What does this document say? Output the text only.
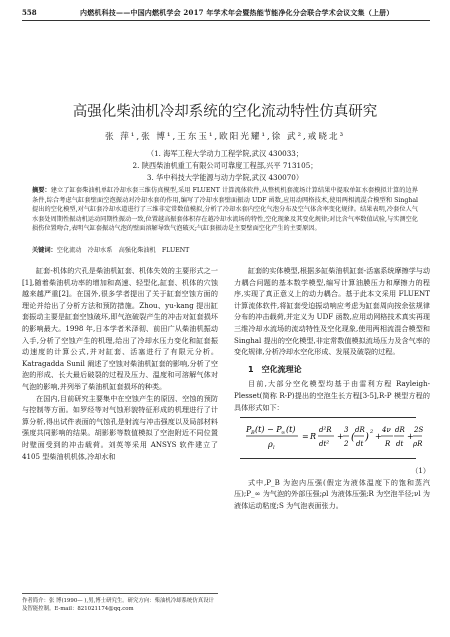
558	内燃机科技——中国内燃机学会 2017 年学术年会暨热能节能净化分会联合学术会议文集（上册）
高强化柴油机冷却系统的空化流动特性仿真研究
张 萍¹,张 博¹,王东玉¹,欧阳光耀¹,徐 武²,戒晓北³
（1. 海军工程大学动力工程学院,武汉 430033；
2. 陕西柴油机重工有限公司可靠度工程部,兴平 713105；
3. 华中科技大学能源与动力学院,武汉 430070）
摘要：建立了缸套柴油机单缸冷却水套三维仿真模型,采用 FLUENT 计算流体软件,从整机机套流场计算结果中提取单缸水套模拟计算的边界条件,综合考虑气缸套壁面空泡振动对冷却水套的作用,编写了冷却水套壁面振动 UDF 函数,应用动网格技术,使用两相流混合模型和 Singhal 提出的空化模型,对气缸套冷却水道进行了三维非定常数值模拟,分析了冷却水套内空化气泡分布及空气体含率变化规律。结果表明,冷套位人气水套处周期性振动机运动同期性振动一致,位置越高振套体积存在越冷却水流场的特性,空化现象及其变化规律;对比含气率数值试验,与实测空化损伤位置吻合,表明气缸套振动气泡的壁面溶解导致气泡破灭;气缸套振动是主要壁面空化产生的主要原因。
关键词：空化流动　冷却水系　高强化柴油机　FLUENT

缸套-机体的穴孔是柴油机缸套、机体失效的主要形式之一[1],随着柴油机功率的增加和高速、轻型化,缸套、机体的穴蚀越来越严重[2]。在国外,很多学者提出了关于缸套空蚀方面的理论并给出了分析方法和预防措施。Zhou、yu-kang 提出缸套振动主要是缸套空蚀破坏,即气泡破裂产生的冲击对缸套损坏的影响最大。1998 年,日本学者米泽彻、前田广从柴油机振动入手,分析了空蚀产生的机理,给出了冷却水压力变化和缸套振动速度的计算公式,并对缸套、活塞进行了有限元分析。Katragadda Sunil 阐述了空蚀对柴油机缸套的影响,分析了空泡的形成、长大最后破裂的过程及压力、温度和可溶解气体对气泡的影响,并列举了柴油机缸套损坏的种类。

在国内,目前研究主要集中在空蚀产生的原因、空蚀的预防与控制等方面。如罗经等对气蚀形貌特征形成的机理进行了计算分析,得出试件表面的气蚀孔是射流与冲击强度以及局部材料强度共同影响的结果。胡影影等数值模拟了空泡附近不同位置时壁面受到的冲击载荷。刘英等采用 ANSYS 软件建立了 4105 型柴油机机体,冷却水和

缸套的实体模型,根据多缸柴油机缸套-活塞系统摩擦学与动力耦合问题的基本数学模型,编写计算油膜压力和摩擦力的程序,实现了真正意义上的动力耦合。基于此本文采用 FLUENT 计算流体软件,将缸套受迫振动响应考虑为缸套周向按余弦规律分布的冲击载荷,并定义为 UDF 函数,应用动网格技术真实再现三维冷却水流场的流动特性及空化现象,使用两相流混合模型和 Singhal 提出的空化模型,非定常数值模拟流场压力及含气率的变化规律,分析冷却水空化形成、发展及破裂的过程。

1　空化流理论

目前,大部分空化模型均基于由雷利方程 Rayleigh-Plesset(简称 R-P)提出的空泡生长方程[3-5],R-P 模型方程的具体形式如下：

P B (t) − P ∞ (t)
ρ l
= R
d²R
dt²
+
3
2
(
dR
dt
) 2 +
4ν
R
dR
dt
+
2S
ρR
（1）

式中,P_B 为泡内压强(假定为液体温度下的饱和蒸汽压);P_∞ 为气泡的外部压强;ρl 为液体压强;R 为空泡半径;νl 为液体运动粘度;S 为气泡表面张力。

作者简介：张 博(1990— ),男,博士研究生。研究方向：柴油机冷却系统仿真设计及智能控制。E-mail：821021174@qq.com
